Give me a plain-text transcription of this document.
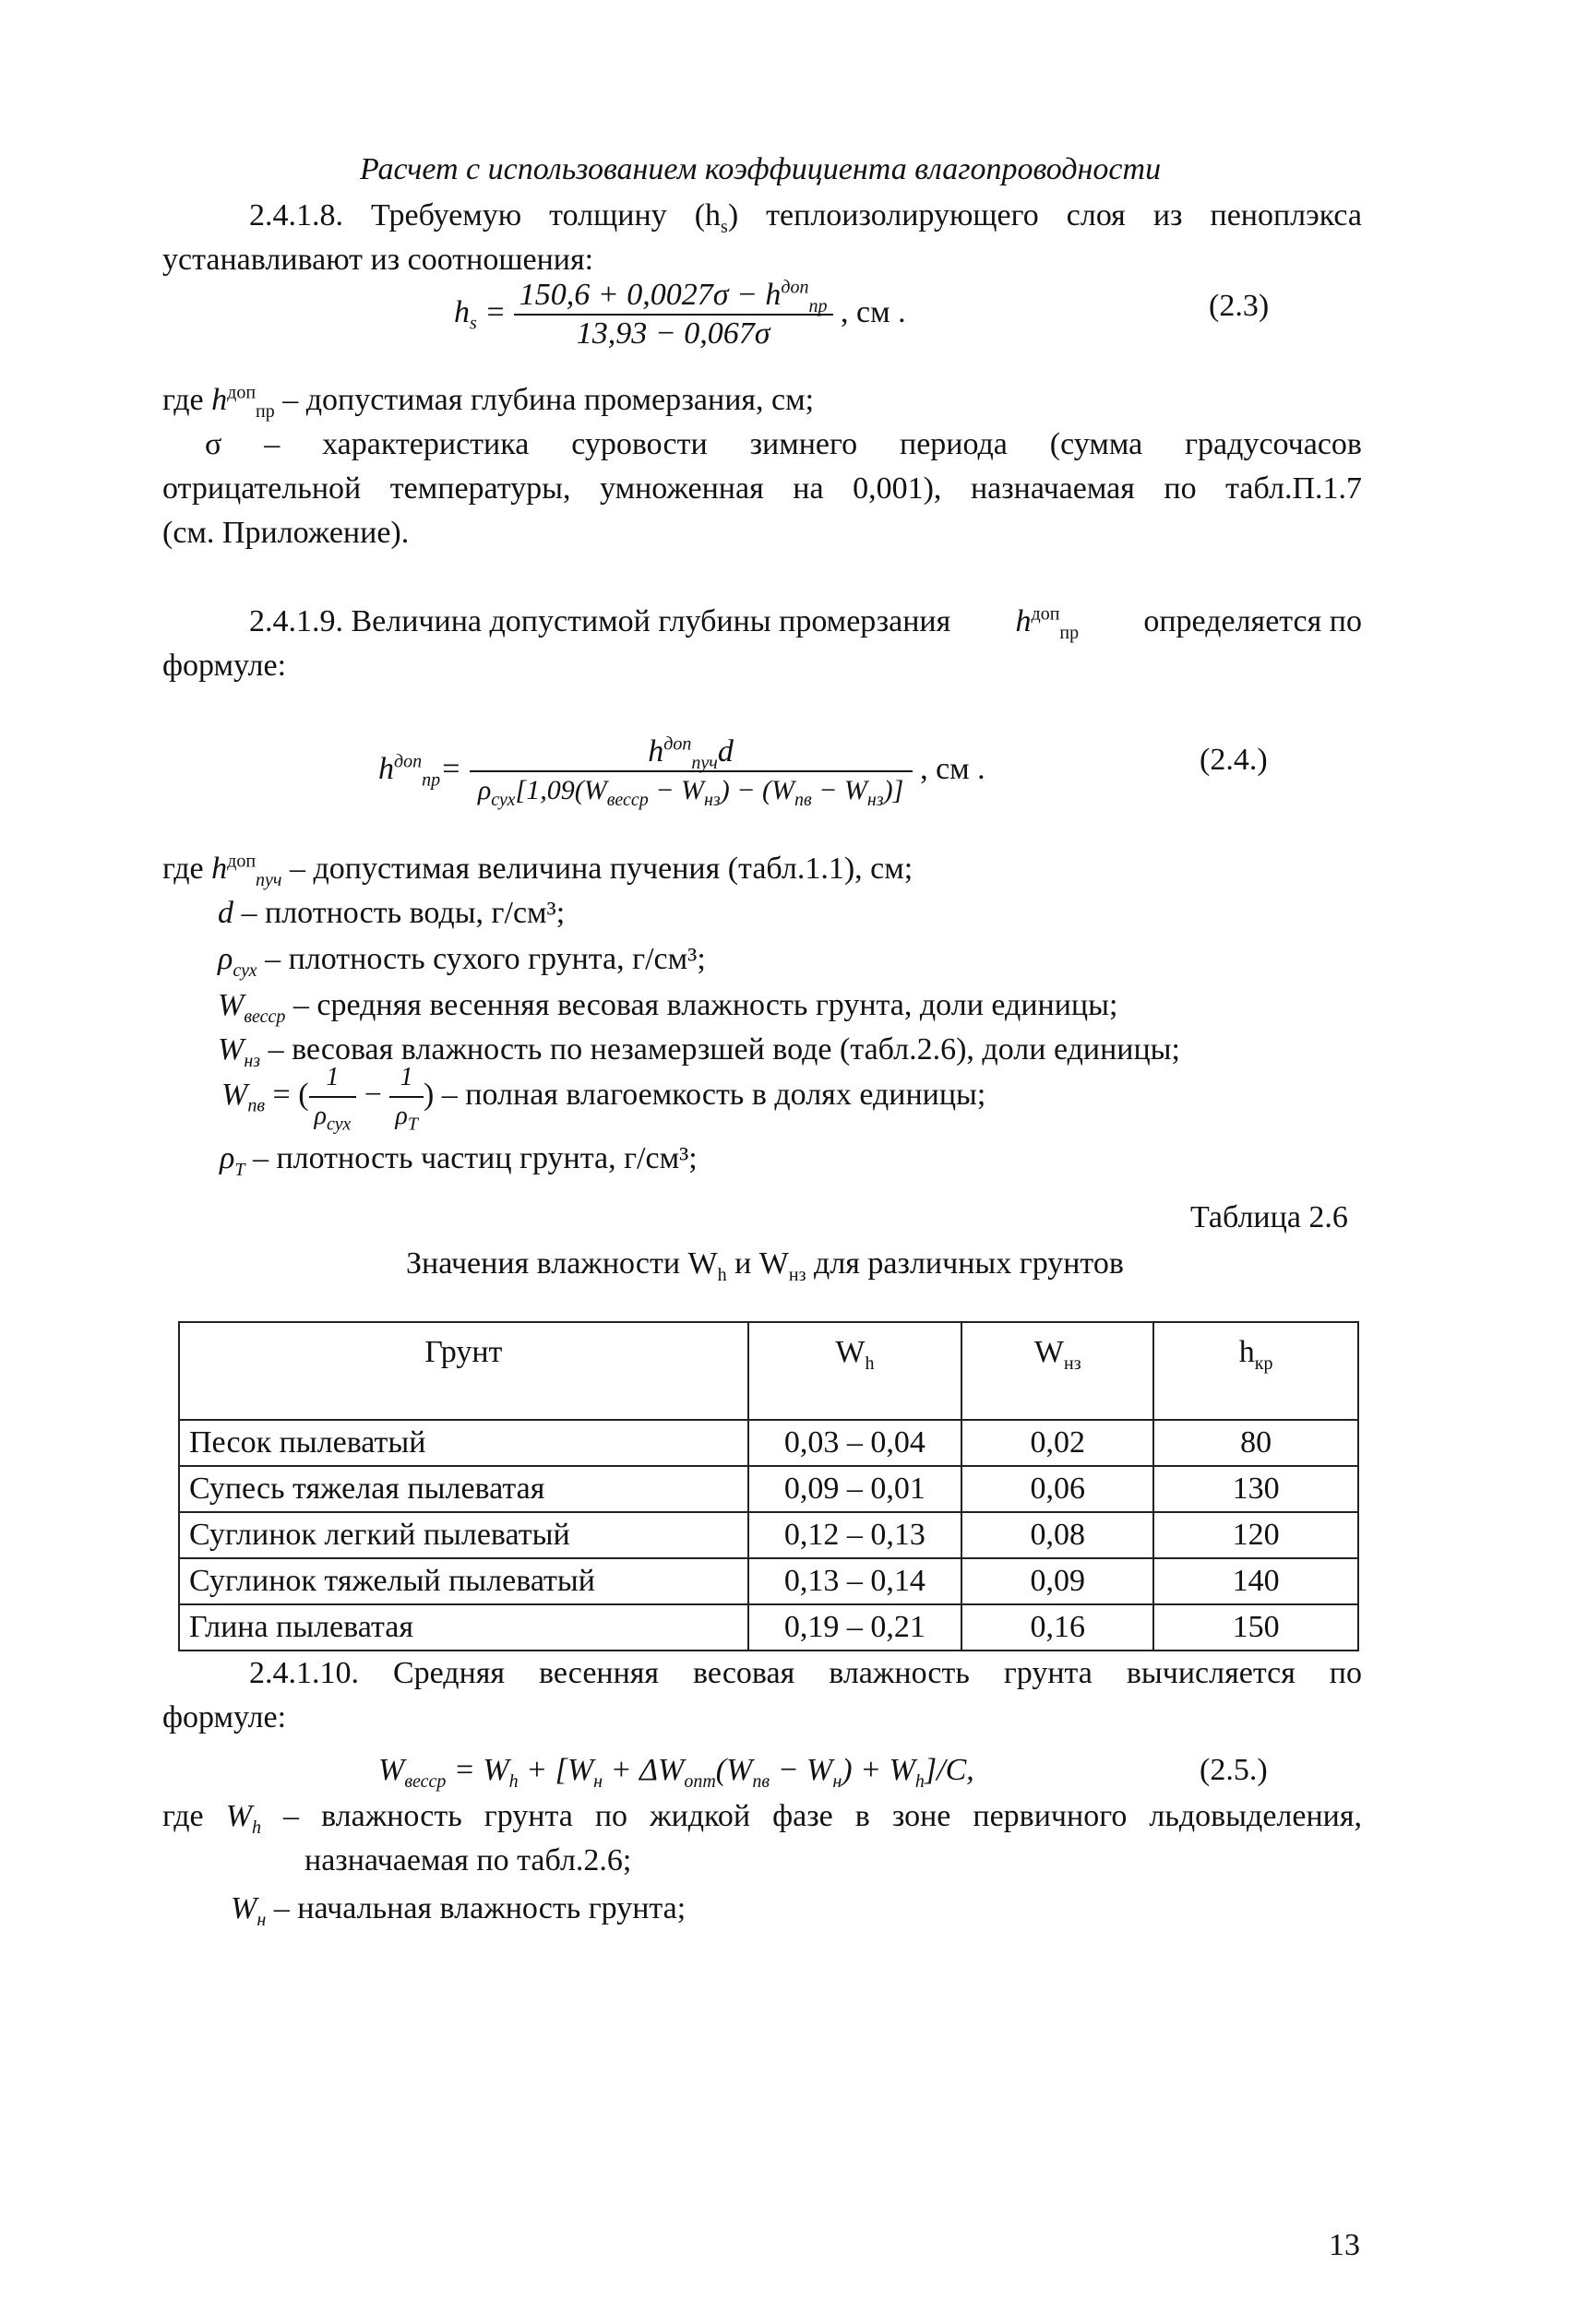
Расчет с использованием коэффициента влагопроводности
2.4.1.8. Требуемую толщину $(h_s)$ теплоизолирующего слоя из пеноплэкса
устанавливают из соотношения:
$h_s = \frac{150,6 + 0,0027\sigma - h^{доп}_{пр}}{13,93 - 0,067\sigma}$ , см .	(2.3)
где $h^{доп}_{пр}$ – допустимая глубина промерзания, см;
σ – характеристика суровости зимнего периода (сумма градусочасов
отрицательной температуры, умноженная на 0,001), назначаемая по табл.П.1.7
(см. Приложение).
2.4.1.9. Величина допустимой глубины промерзания $h^{доп}_{пр}$ определяется по
формуле:
$h^{доп}_{пр}= \frac{h^{доп}_{пуч}d}{\rho_{сух}[1,09(W_{весср} - W_{нз}) - (W_{пв} - W_{нз})]}$ , см .	(2.4.)
где $h^{доп}_{пуч}$ – допустимая величина пучения (табл.1.1), см;
d – плотность воды, г/см³;
$\rho_{сух}$ – плотность сухого грунта, г/см³;
$W_{весср}$ – средняя весенняя весовая влажность грунта, доли единицы;
$W_{нз}$ – весовая влажность по незамерзшей воде (табл.2.6), доли единицы;
$W_{пв}$ = ( $\frac{1}{\rho_{сух}} - \frac{1}{\rho_Т}$ ) – полная влагоемкость в долях единицы;
$\rho_Т$ – плотность частиц грунта, г/см³;
Таблица 2.6
Значения влажности $W_h$ и $W_{нз}$ для различных грунтов
Грунт	$W_h$	$W_{нз}$	$h_{кр}$
Песок пылеватый	0,03 – 0,04	0,02	80
Супесь тяжелая пылеватая	0,09 – 0,01	0,06	130
Суглинок легкий пылеватый	0,12 – 0,13	0,08	120
Суглинок тяжелый пылеватый	0,13 – 0,14	0,09	140
Глина пылеватая	0,19 – 0,21	0,16	150
2.4.1.10. Средняя весенняя весовая влажность грунта вычисляется по
формуле:
$W_{весср} = W_h + [W_н + \Delta W_{опт}(W_{пв} - W_н) + W_h]/C$,	(2.5.)
где $W_h$ – влажность грунта по жидкой фазе в зоне первичного льдовыделения,
назначаемая по табл.2.6;
$W_н$ – начальная влажность грунта;
13
